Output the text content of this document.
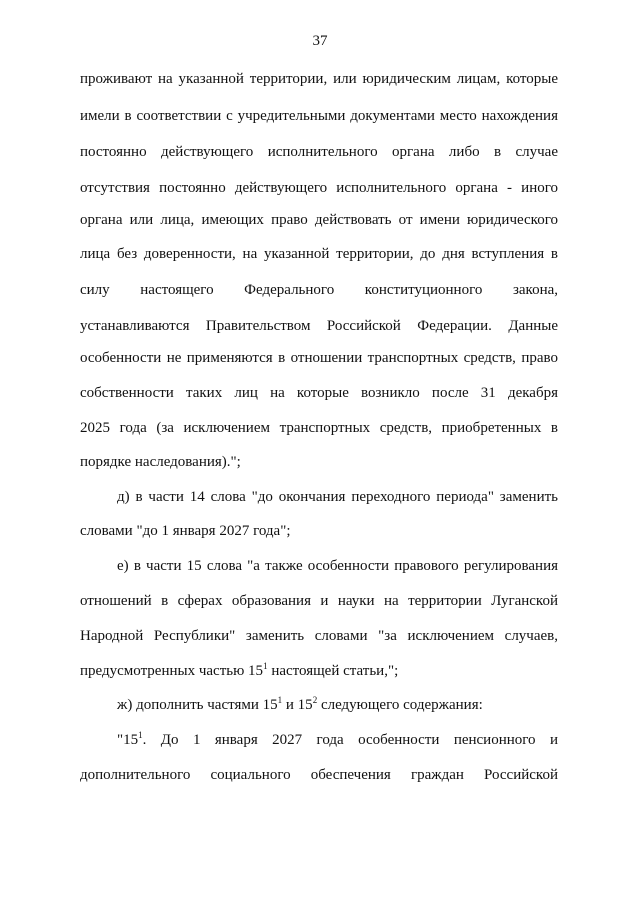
37
проживают на указанной территории, или юридическим лицам, которые
имели в соответствии с учредительными документами место нахождения
постоянно действующего исполнительного органа либо в случае
отсутствия постоянно действующего исполнительного органа - иного
органа или лица, имеющих право действовать от имени юридического
лица без доверенности, на указанной территории, до дня вступления в
силу настоящего Федерального конституционного закона,
устанавливаются Правительством Российской Федерации. Данные
особенности не применяются в отношении транспортных средств, право
собственности таких лиц на которые возникло после 31 декабря
2025 года (за исключением транспортных средств, приобретенных в
порядке наследования).";
д) в части 14 слова "до окончания переходного периода" заменить
словами "до 1 января 2027 года";
е) в части 15 слова "а также особенности правового регулирования
отношений в сферах образования и науки на территории Луганской
Народной Республики" заменить словами "за исключением случаев,
предусмотренных частью $15^1$ настоящей статьи,";
ж) дополнить частями $15^1$ и $15^2$ следующего содержания:
"$15^1$. До 1 января 2027 года особенности пенсионного и
дополнительного социального обеспечения граждан Российской
